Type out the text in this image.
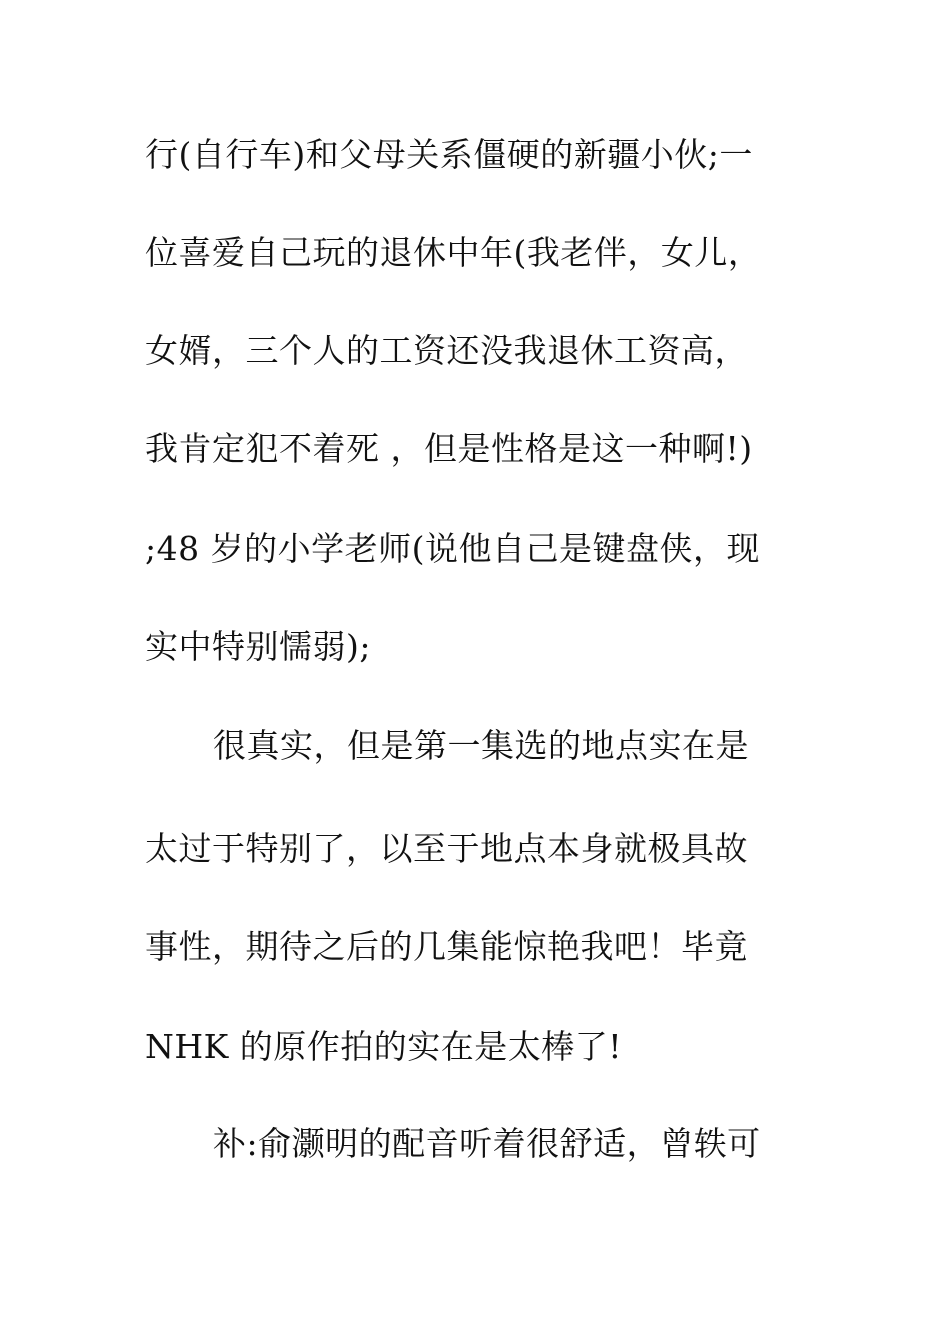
行(自行车)和父母关系僵硬的新疆小伙;一
位喜爱自己玩的退休中年(我老伴，女儿，
女婿，三个人的工资还没我退休工资高，
我肯定犯不着死 ，但是性格是这一种啊!)
;48 岁的小学老师(说他自己是键盘侠，现
实中特别懦弱);
很真实，但是第一集选的地点实在是
太过于特别了，以至于地点本身就极具故
事性，期待之后的几集能惊艳我吧！毕竟
NHK 的原作拍的实在是太棒了!
补:俞灏明的配音听着很舒适，曾轶可
